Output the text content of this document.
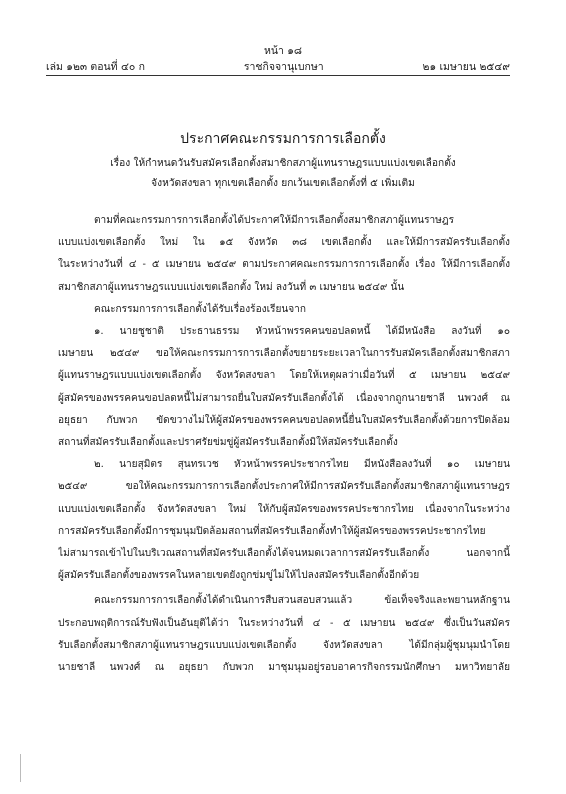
หน้า ๑๘
เล่ม ๑๒๓ ตอนที่ ๔๐ ก	ราชกิจจานุเบกษา	๒๑ เมษายน ๒๕๔๙
ประกาศคณะกรรมการการเลือกตั้ง
เรื่อง ให้กำหนดวันรับสมัครเลือกตั้งสมาชิกสภาผู้แทนราษฎรแบบแบ่งเขตเลือกตั้ง
จังหวัดสงขลา ทุกเขตเลือกตั้ง ยกเว้นเขตเลือกตั้งที่ ๕ เพิ่มเติม

ตามที่คณะกรรมการการเลือกตั้งได้ประกาศให้มีการเลือกตั้งสมาชิกสภาผู้แทนราษฎร
แบบแบ่งเขตเลือกตั้ง ใหม่ ใน ๑๕ จังหวัด ๓๘ เขตเลือกตั้ง และให้มีการสมัครรับเลือกตั้ง
ในระหว่างวันที่ ๔ - ๕ เมษายน ๒๕๔๙ ตามประกาศคณะกรรมการการเลือกตั้ง เรื่อง ให้มีการเลือกตั้ง
สมาชิกสภาผู้แทนราษฎรแบบแบ่งเขตเลือกตั้ง ใหม่ ลงวันที่ ๓ เมษายน ๒๕๔๙ นั้น

คณะกรรมการการเลือกตั้งได้รับเรื่องร้องเรียนจาก

๑. นายชูชาติ ประธานธรรม หัวหน้าพรรคคนขอปลดหนี้ ได้มีหนังสือ ลงวันที่ ๑๐
เมษายน ๒๕๔๙ ขอให้คณะกรรมการการเลือกตั้งขยายระยะเวลาในการรับสมัครเลือกตั้งสมาชิกสภา
ผู้แทนราษฎรแบบแบ่งเขตเลือกตั้ง จังหวัดสงขลา โดยให้เหตุผลว่าเมื่อวันที่ ๕ เมษายน ๒๕๔๙
ผู้สมัครของพรรคคนขอปลดหนี้ไม่สามารถยื่นใบสมัครรับเลือกตั้งได้ เนื่องจากถูกนายชาลี นพวงศ์ ณ
อยุธยา กับพวก ขัดขวางไม่ให้ผู้สมัครของพรรคคนขอปลดหนี้ยื่นใบสมัครรับเลือกตั้งด้วยการปิดล้อม
สถานที่สมัครรับเลือกตั้งและปราศรัยข่มขู่ผู้สมัครรับเลือกตั้งมิให้สมัครรับเลือกตั้ง

๒. นายสุมิตร สุนทรเวช หัวหน้าพรรคประชากรไทย มีหนังสือลงวันที่ ๑๐ เมษายน
๒๕๔๙ ขอให้คณะกรรมการการเลือกตั้งประกาศให้มีการสมัครรับเลือกตั้งสมาชิกสภาผู้แทนราษฎร
แบบแบ่งเขตเลือกตั้ง จังหวัดสงขลา ใหม่ ให้กับผู้สมัครของพรรคประชากรไทย เนื่องจากในระหว่าง
การสมัครรับเลือกตั้งมีการชุมนุมปิดล้อมสถานที่สมัครรับเลือกตั้งทำให้ผู้สมัครของพรรคประชากรไทย
ไม่สามารถเข้าไปในบริเวณสถานที่สมัครรับเลือกตั้งได้จนหมดเวลาการสมัครรับเลือกตั้ง นอกจากนี้
ผู้สมัครรับเลือกตั้งของพรรคในหลายเขตยังถูกข่มขู่ไม่ให้ไปลงสมัครรับเลือกตั้งอีกด้วย

คณะกรรมการการเลือกตั้งได้ดำเนินการสืบสวนสอบสวนแล้ว ข้อเท็จจริงและพยานหลักฐาน
ประกอบพฤติการณ์รับฟังเป็นอันยุติได้ว่า ในระหว่างวันที่ ๔ - ๕ เมษายน ๒๕๔๙ ซึ่งเป็นวันสมัคร
รับเลือกตั้งสมาชิกสภาผู้แทนราษฎรแบบแบ่งเขตเลือกตั้ง จังหวัดสงขลา ได้มีกลุ่มผู้ชุมนุมนำโดย
นายชาลี นพวงศ์ ณ อยุธยา กับพวก มาชุมนุมอยู่รอบอาคารกิจกรรมนักศึกษา มหาวิทยาลัย
